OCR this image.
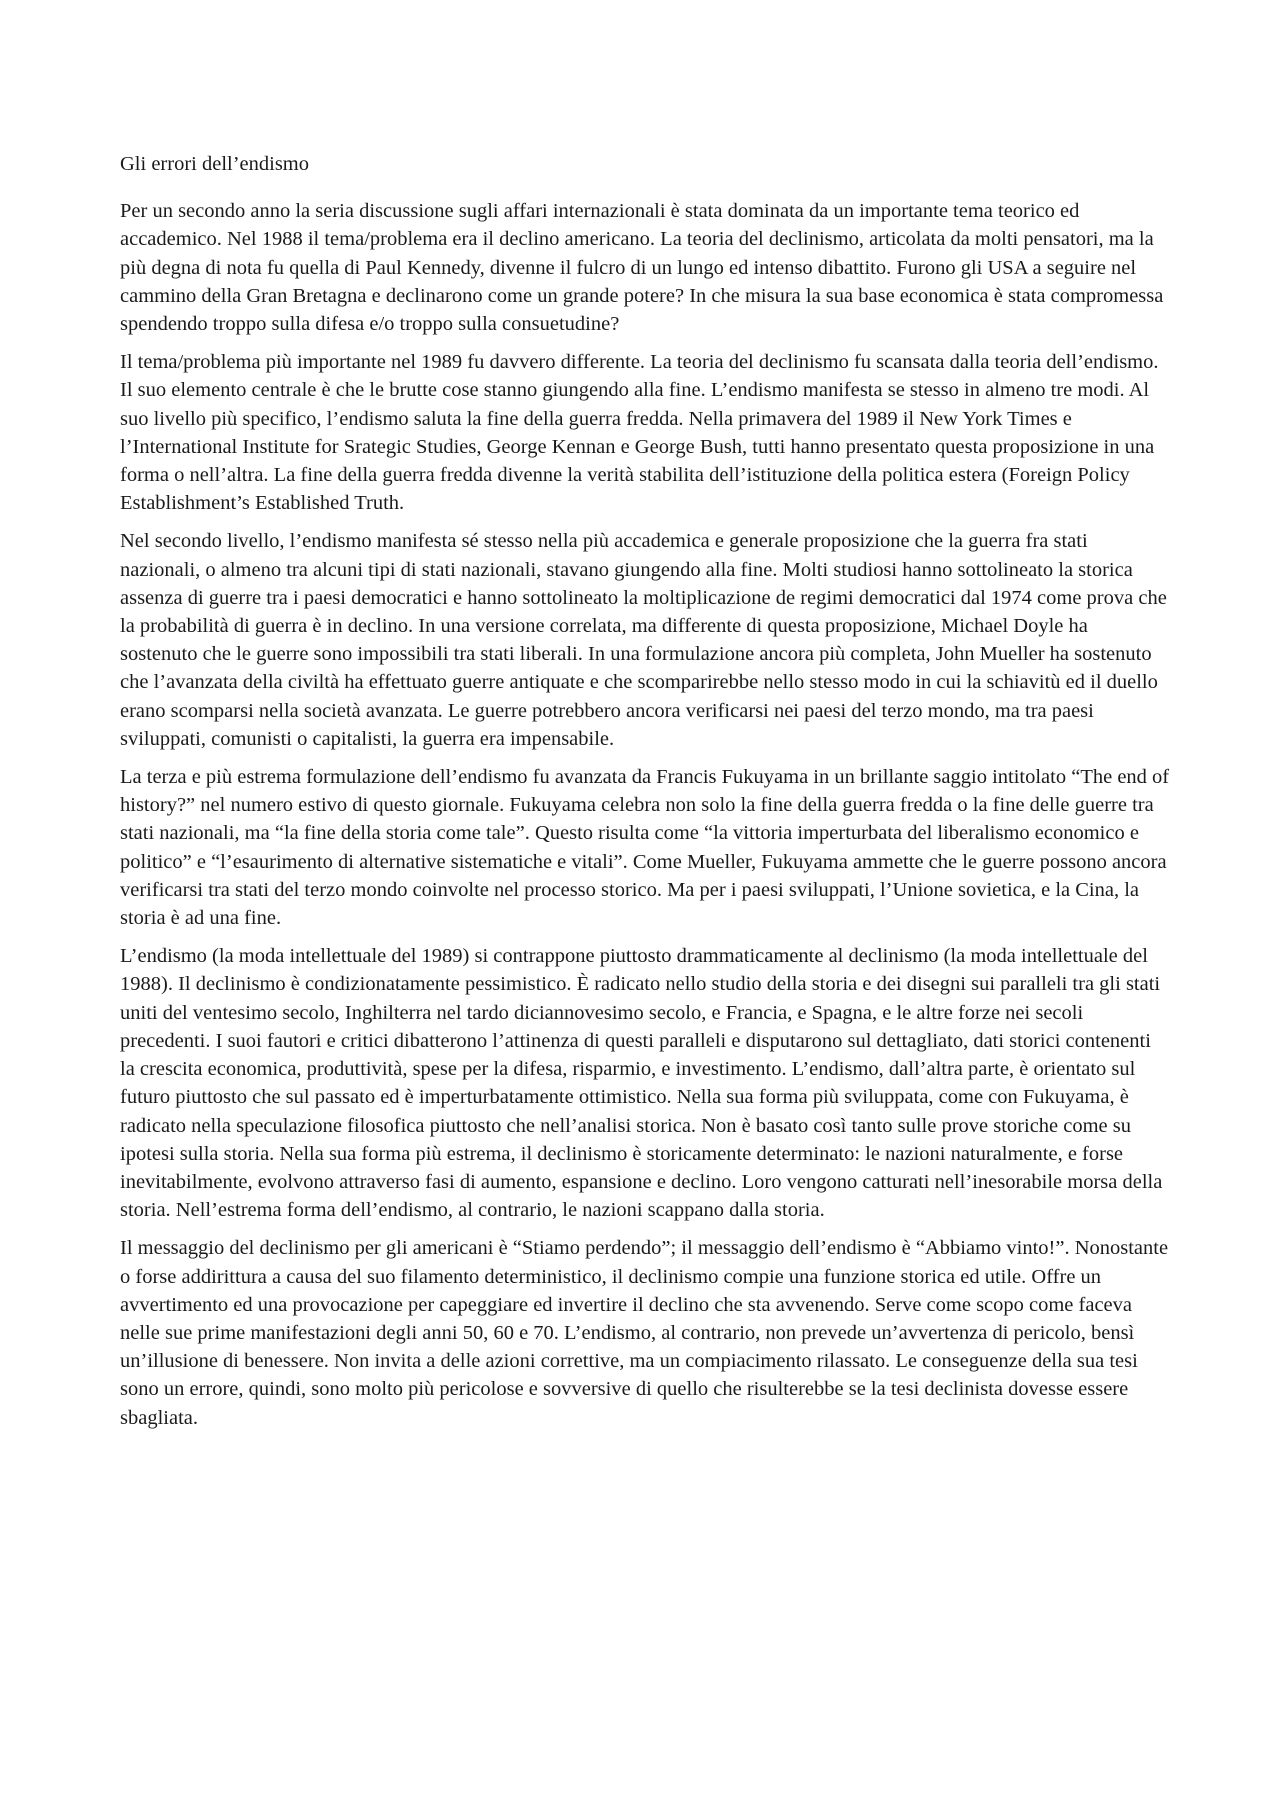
Gli errori dell’endismo

Per un secondo anno la seria discussione sugli affari internazionali è stata dominata da un importante tema teorico ed accademico. Nel 1988 il tema/problema era il declino americano. La teoria del declinismo, articolata da molti pensatori, ma la più degna di nota fu quella di Paul Kennedy, divenne il fulcro di un lungo ed intenso dibattito. Furono gli USA a seguire nel cammino della Gran Bretagna e declinarono come un grande potere? In che misura la sua base economica è stata compromessa spendendo troppo sulla difesa e/o troppo sulla consuetudine?

Il tema/problema più importante nel 1989 fu davvero differente. La teoria del declinismo fu scansata dalla teoria dell’endismo. Il suo elemento centrale è che le brutte cose stanno giungendo alla fine. L’endismo manifesta se stesso in almeno tre modi. Al suo livello più specifico, l’endismo saluta la fine della guerra fredda. Nella primavera del 1989 il New York Times e l’International Institute for Srategic Studies, George Kennan e George Bush, tutti hanno presentato questa proposizione in una forma o nell’altra. La fine della guerra fredda divenne la verità stabilita dell’istituzione della politica estera (Foreign Policy Establishment’s Established Truth.

Nel secondo livello, l’endismo manifesta sé stesso nella più accademica e generale proposizione che la guerra fra stati nazionali, o almeno tra alcuni tipi di stati nazionali, stavano giungendo alla fine. Molti studiosi hanno sottolineato la storica assenza di guerre tra i paesi democratici e hanno sottolineato la moltiplicazione de regimi democratici dal 1974 come prova che la probabilità di guerra è in declino. In una versione correlata, ma differente di questa proposizione, Michael Doyle ha sostenuto che le guerre sono impossibili tra stati liberali. In una formulazione ancora più completa, John Mueller ha sostenuto che l’avanzata della civiltà ha effettuato guerre antiquate e che scomparirebbe nello stesso modo in cui la schiavitù ed il duello erano scomparsi nella società avanzata. Le guerre potrebbero ancora verificarsi nei paesi del terzo mondo, ma tra paesi sviluppati, comunisti o capitalisti, la guerra era impensabile.

La terza e più estrema formulazione dell’endismo fu avanzata da Francis Fukuyama in un brillante saggio intitolato “The end of history?” nel numero estivo di questo giornale. Fukuyama celebra non solo la fine della guerra fredda o la fine delle guerre tra stati nazionali, ma “la fine della storia come tale”. Questo risulta come “la vittoria imperturbata del liberalismo economico e politico” e “l’esaurimento di alternative sistematiche e vitali”. Come Mueller, Fukuyama ammette che le guerre possono ancora verificarsi tra stati del terzo mondo coinvolte nel processo storico. Ma per i paesi sviluppati, l’Unione sovietica, e la Cina, la storia è ad una fine.

L’endismo (la moda intellettuale del 1989) si contrappone piuttosto drammaticamente al declinismo (la moda intellettuale del 1988). Il declinismo è condizionatamente pessimistico. È radicato nello studio della storia e dei disegni sui paralleli tra gli stati uniti del ventesimo secolo, Inghilterra nel tardo diciannovesimo secolo, e Francia, e Spagna, e le altre forze nei secoli precedenti. I suoi fautori e critici dibatterono l’attinenza di questi paralleli e disputarono sul dettagliato, dati storici contenenti la crescita economica, produttività, spese per la difesa, risparmio, e investimento. L’endismo, dall’altra parte, è orientato sul futuro piuttosto che sul passato ed è imperturbatamente ottimistico. Nella sua forma più sviluppata, come con Fukuyama, è radicato nella speculazione filosofica piuttosto che nell’analisi storica. Non è basato così tanto sulle prove storiche come su ipotesi sulla storia. Nella sua forma più estrema, il declinismo è storicamente determinato: le nazioni naturalmente, e forse inevitabilmente, evolvono attraverso fasi di aumento, espansione e declino. Loro vengono catturati nell’inesorabile morsa della storia. Nell’estrema forma dell’endismo, al contrario, le nazioni scappano dalla storia.

Il messaggio del declinismo per gli americani è “Stiamo perdendo”; il messaggio dell’endismo è “Abbiamo vinto!”. Nonostante o forse addirittura a causa del suo filamento deterministico, il declinismo compie una funzione storica ed utile. Offre un avvertimento ed una provocazione per capeggiare ed invertire il declino che sta avvenendo. Serve come scopo come faceva nelle sue prime manifestazioni degli anni 50, 60 e 70. L’endismo, al contrario, non prevede un’avvertenza di pericolo, bensì un’illusione di benessere. Non invita a delle azioni correttive, ma un compiacimento rilassato. Le conseguenze della sua tesi sono un errore, quindi, sono molto più pericolose e sovversive di quello che risulterebbe se la tesi declinista dovesse essere sbagliata.
